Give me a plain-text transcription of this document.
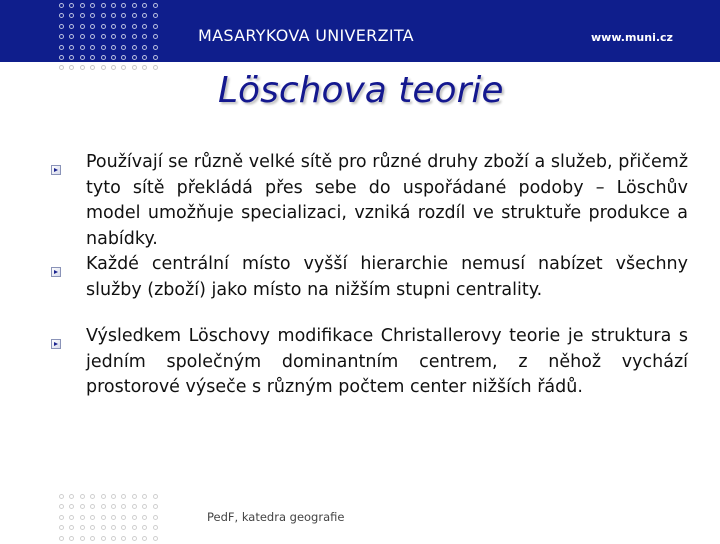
MASARYKOVA UNIVERZITA	www.muni.cz
Löschova teorie
Používají se různě velké sítě pro různé druhy zboží a služeb, přičemž tyto sítě překládá přes sebe do uspořádané podoby – Löschův model umožňuje specializaci, vzniká rozdíl ve struktuře produkce a nabídky.
Každé centrální místo vyšší hierarchie nemusí nabízet všechny služby (zboží) jako místo na nižším stupni centrality.
Výsledkem Löschovy modifikace Christallerovy teorie je struktura s jedním společným dominantním centrem, z něhož vychází prostorové výseče s různým počtem center nižších řádů.
PedF, katedra geografie
